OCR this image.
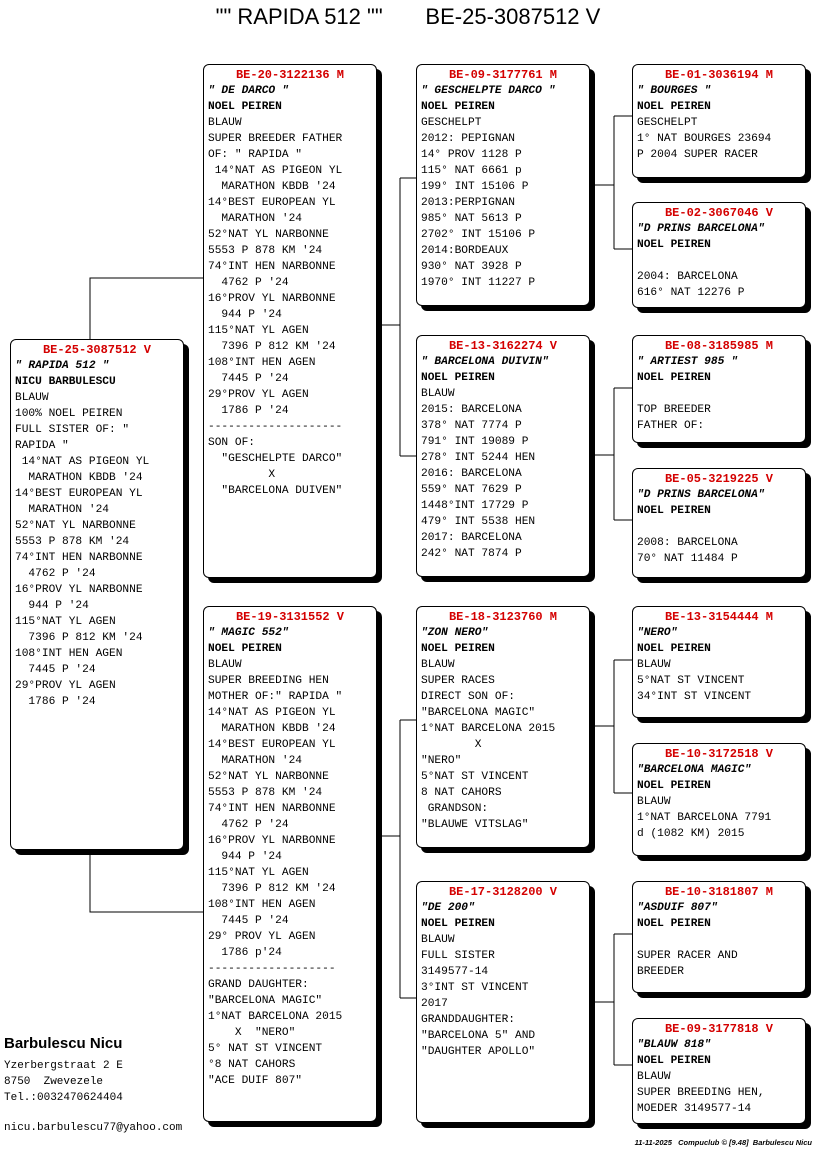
"" RAPIDA 512 ""       BE-25-3087512 V
BE-25-3087512 V
" RAPIDA 512 "
NICU BARBULESCU
BLAUW
100% NOEL PEIREN
FULL SISTER OF: "
RAPIDA "
14°NAT AS PIGEON YL
MARATHON KBDB '24
14°BEST EUROPEAN YL
MARATHON '24
52°NAT YL NARBONNE
5553 P 878 KM '24
74°INT HEN NARBONNE
4762 P '24
16°PROV YL NARBONNE
944 P '24
115°NAT YL AGEN
7396 P 812 KM '24
108°INT HEN AGEN
7445 P '24
29°PROV YL AGEN
1786 P '24
BE-20-3122136 M
" DE DARCO "
NOEL PEIREN
BLAUW
SUPER BREEDER FATHER
OF: " RAPIDA "
14°NAT AS PIGEON YL
MARATHON KBDB '24
14°BEST EUROPEAN YL
MARATHON '24
52°NAT YL NARBONNE
5553 P 878 KM '24
74°INT HEN NARBONNE
4762 P '24
16°PROV YL NARBONNE
944 P '24
115°NAT YL AGEN
7396 P 812 KM '24
108°INT HEN AGEN
7445 P '24
29°PROV YL AGEN
1786 P '24
--------------------
SON OF:
"GESCHELPTE DARCO"
X
"BARCELONA DUIVEN"
BE-19-3131552 V
" MAGIC 552"
NOEL PEIREN
BLAUW
SUPER BREEDING HEN
MOTHER OF:" RAPIDA "
14°NAT AS PIGEON YL
MARATHON KBDB '24
14°BEST EUROPEAN YL
MARATHON '24
52°NAT YL NARBONNE
5553 P 878 KM '24
74°INT HEN NARBONNE
4762 P '24
16°PROV YL NARBONNE
944 P '24
115°NAT YL AGEN
7396 P 812 KM '24
108°INT HEN AGEN
7445 P '24
29° PROV YL AGEN
1786 p'24
-------------------
GRAND DAUGHTER:
"BARCELONA MAGIC"
1°NAT BARCELONA 2015
X  "NERO"
5° NAT ST VINCENT
°8 NAT CAHORS
"ACE DUIF 807"
BE-09-3177761 M
" GESCHELPTE DARCO "
NOEL PEIREN
GESCHELPT
2012: PEPIGNAN
14° PROV 1128 P
115° NAT 6661 p
199° INT 15106 P
2013:PERPIGNAN
985° NAT 5613 P
2702° INT 15106 P
2014:BORDEAUX
930° NAT 3928 P
1970° INT 11227 P
BE-13-3162274 V
" BARCELONA DUIVIN"
NOEL PEIREN
BLAUW
2015: BARCELONA
378° NAT 7774 P
791° INT 19089 P
278° INT 5244 HEN
2016: BARCELONA
559° NAT 7629 P
1448°INT 17729 P
479° INT 5538 HEN
2017: BARCELONA
242° NAT 7874 P
BE-18-3123760 M
"ZON NERO"
NOEL PEIREN
BLAUW
SUPER RACES
DIRECT SON OF:
"BARCELONA MAGIC"
1°NAT BARCELONA 2015
X
"NERO"
5°NAT ST VINCENT
8 NAT CAHORS
GRANDSON:
"BLAUWE VITSLAG"
BE-17-3128200 V
"DE 200"
NOEL PEIREN
BLAUW
FULL SISTER
3149577-14
3°INT ST VINCENT
2017
GRANDDAUGHTER:
"BARCELONA 5" AND
"DAUGHTER APOLLO"
BE-01-3036194 M
" BOURGES "
NOEL PEIREN
GESCHELPT
1° NAT BOURGES 23694
P 2004 SUPER RACER
BE-02-3067046 V
"D PRINS BARCELONA"
NOEL PEIREN

2004: BARCELONA
616° NAT 12276 P
BE-08-3185985 M
" ARTIEST 985 "
NOEL PEIREN

TOP BREEDER
FATHER OF:
BE-05-3219225 V
"D PRINS BARCELONA"
NOEL PEIREN

2008: BARCELONA
70° NAT 11484 P
BE-13-3154444 M
"NERO"
NOEL PEIREN
BLAUW
5°NAT ST VINCENT
34°INT ST VINCENT
BE-10-3172518 V
"BARCELONA MAGIC"
NOEL PEIREN
BLAUW
1°NAT BARCELONA 7791
d (1082 KM) 2015
BE-10-3181807 M
"ASDUIF 807"
NOEL PEIREN

SUPER RACER AND
BREEDER
BE-09-3177818 V
"BLAUW 818"
NOEL PEIREN
BLAUW
SUPER BREEDING HEN,
MOEDER 3149577-14
Barbulescu Nicu
Yzerbergstraat 2 E
8750  Zwevezele
Tel.:0032470624404
nicu.barbulescu77@yahoo.com
11-11-2025   Compuclub © [9.48]  Barbulescu Nicu
